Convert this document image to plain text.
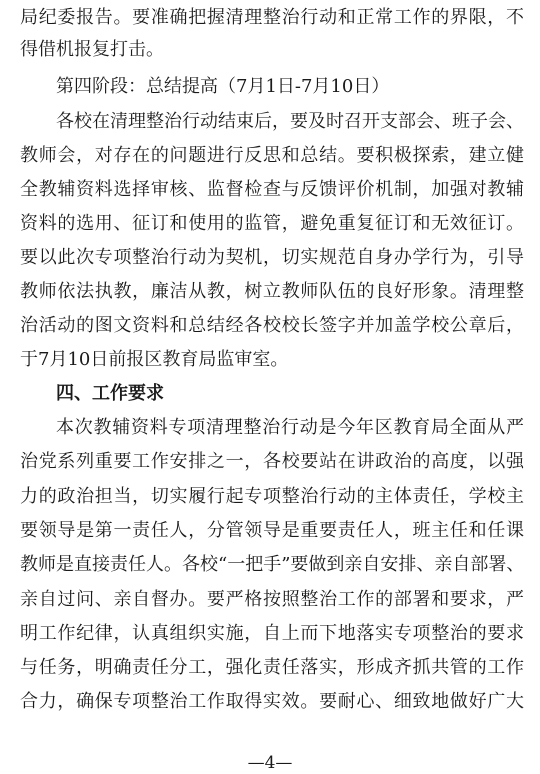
局纪委报告。要准确把握清理整治行动和正常工作的界限，不
得借机报复打击。
第四阶段：总结提高（7月1日-7月10日）
各校在清理整治行动结束后，要及时召开支部会、班子会、
教师会，对存在的问题进行反思和总结。要积极探索，建立健
全教辅资料选择审核、监督检查与反馈评价机制，加强对教辅
资料的选用、征订和使用的监管，避免重复征订和无效征订。
要以此次专项整治行动为契机，切实规范自身办学行为，引导
教师依法执教，廉洁从教，树立教师队伍的良好形象。清理整
治活动的图文资料和总结经各校校长签字并加盖学校公章后，
于7月10日前报区教育局监审室。
四、工作要求
本次教辅资料专项清理整治行动是今年区教育局全面从严
治党系列重要工作安排之一，各校要站在讲政治的高度，以强
力的政治担当，切实履行起专项整治行动的主体责任，学校主
要领导是第一责任人，分管领导是重要责任人，班主任和任课
教师是直接责任人。各校“一把手”要做到亲自安排、亲自部署、
亲自过问、亲自督办。要严格按照整治工作的部署和要求，严
明工作纪律，认真组织实施，自上而下地落实专项整治的要求
与任务，明确责任分工，强化责任落实，形成齐抓共管的工作
合力，确保专项整治工作取得实效。要耐心、细致地做好广大
—4—
